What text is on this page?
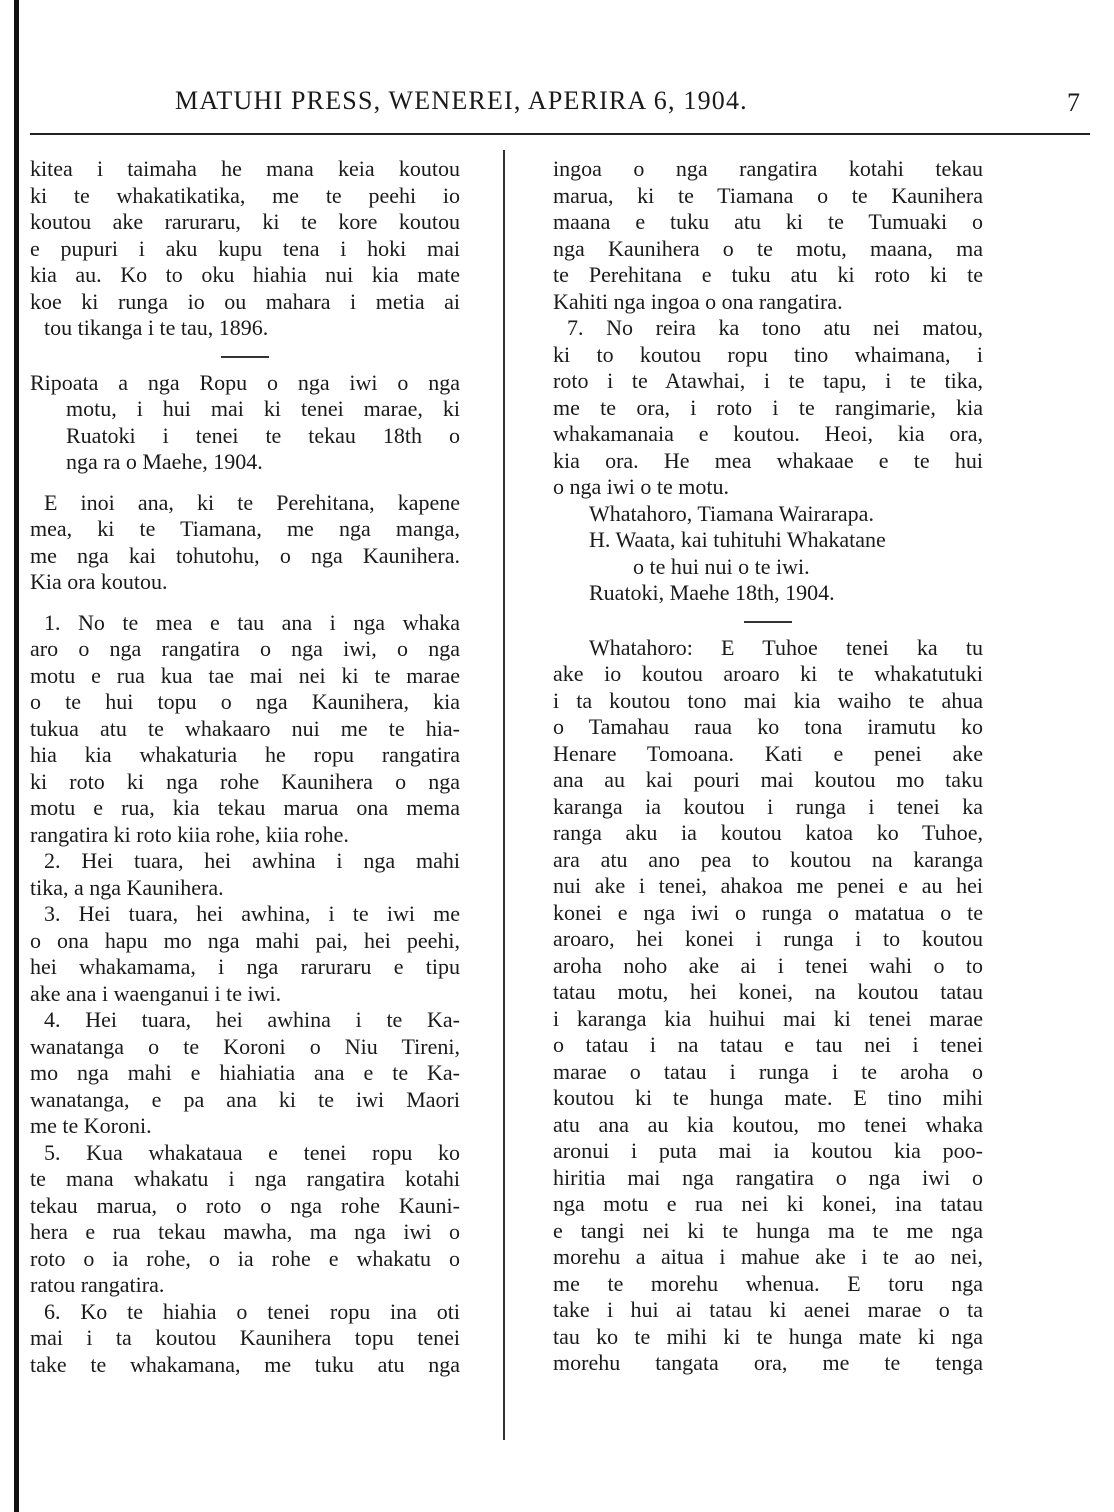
MATUHI PRESS, WENEREI, APERIRA 6, 1904.	7
kitea i taimaha he mana keia koutou
ki te whakatikatika, me te peehi io
koutou ake raruraru, ki te kore koutou
e pupuri i aku kupu tena i hoki mai
kia au. Ko to oku hiahia nui kia mate
koe ki runga io ou mahara i metia ai
tou tikanga i te tau, 1896.
Ripoata a nga Ropu o nga iwi o nga
motu, i hui mai ki tenei marae, ki
Ruatoki i tenei te tekau 18th o
nga ra o Maehe, 1904.
E inoi ana, ki te Perehitana, kapene
mea, ki te Tiamana, me nga manga,
me nga kai tohutohu, o nga Kaunihera.
Kia ora koutou.
1. No te mea e tau ana i nga whaka
aro o nga rangatira o nga iwi, o nga
motu e rua kua tae mai nei ki te marae
o te hui topu o nga Kaunihera, kia
tukua atu te whakaaro nui me te hia-
hia kia whakaturia he ropu rangatira
ki roto ki nga rohe Kaunihera o nga
motu e rua, kia tekau marua ona mema
rangatira ki roto kiia rohe, kiia rohe.
2. Hei tuara, hei awhina i nga mahi
tika, a nga Kaunihera.
3. Hei tuara, hei awhina, i te iwi me
o ona hapu mo nga mahi pai, hei peehi,
hei whakamama, i nga raruraru e tipu
ake ana i waenganui i te iwi.
4. Hei tuara, hei awhina i te Ka-
wanatanga o te Koroni o Niu Tireni,
mo nga mahi e hiahiatia ana e te Ka-
wanatanga, e pa ana ki te iwi Maori
me te Koroni.
5. Kua whakataua e tenei ropu ko
te mana whakatu i nga rangatira kotahi
tekau marua, o roto o nga rohe Kauni-
hera e rua tekau mawha, ma nga iwi o
roto o ia rohe, o ia rohe e whakatu o
ratou rangatira.
6. Ko te hiahia o tenei ropu ina oti
mai i ta koutou Kaunihera topu tenei
take te whakamana, me tuku atu nga
ingoa o nga rangatira kotahi tekau
marua, ki te Tiamana o te Kaunihera
maana e tuku atu ki te Tumuaki o
nga Kaunihera o te motu, maana, ma
te Perehitana e tuku atu ki roto ki te
Kahiti nga ingoa o ona rangatira.
7. No reira ka tono atu nei matou,
ki to koutou ropu tino whaimana, i
roto i te Atawhai, i te tapu, i te tika,
me te ora, i roto i te rangimarie, kia
whakamanaia e koutou. Heoi, kia ora,
kia ora. He mea whakaae e te hui
o nga iwi o te motu.
Whatahoro, Tiamana Wairarapa.
H. Waata, kai tuhituhi Whakatane
o te hui nui o te iwi.
Ruatoki, Maehe 18th, 1904.
Whatahoro: E Tuhoe tenei ka tu
ake io koutou aroaro ki te whakatutuki
i ta koutou tono mai kia waiho te ahua
o Tamahau raua ko tona iramutu ko
Henare Tomoana. Kati e penei ake
ana au kai pouri mai koutou mo taku
karanga ia koutou i runga i tenei ka
ranga aku ia koutou katoa ko Tuhoe,
ara atu ano pea to koutou na karanga
nui ake i tenei, ahakoa me penei e au hei
konei e nga iwi o runga o matatua o te
aroaro, hei konei i runga i to koutou
aroha noho ake ai i tenei wahi o to
tatau motu, hei konei, na koutou tatau
i karanga kia huihui mai ki tenei marae
o tatau i na tatau e tau nei i tenei
marae o tatau i runga i te aroha o
koutou ki te hunga mate. E tino mihi
atu ana au kia koutou, mo tenei whaka
aronui i puta mai ia koutou kia poo-
hiritia mai nga rangatira o nga iwi o
nga motu e rua nei ki konei, ina tatau
e tangi nei ki te hunga ma te me nga
morehu a aitua i mahue ake i te ao nei,
me te morehu whenua. E toru nga
take i hui ai tatau ki aenei marae o ta
tau ko te mihi ki te hunga mate ki nga
morehu tangata ora, me te tenga
